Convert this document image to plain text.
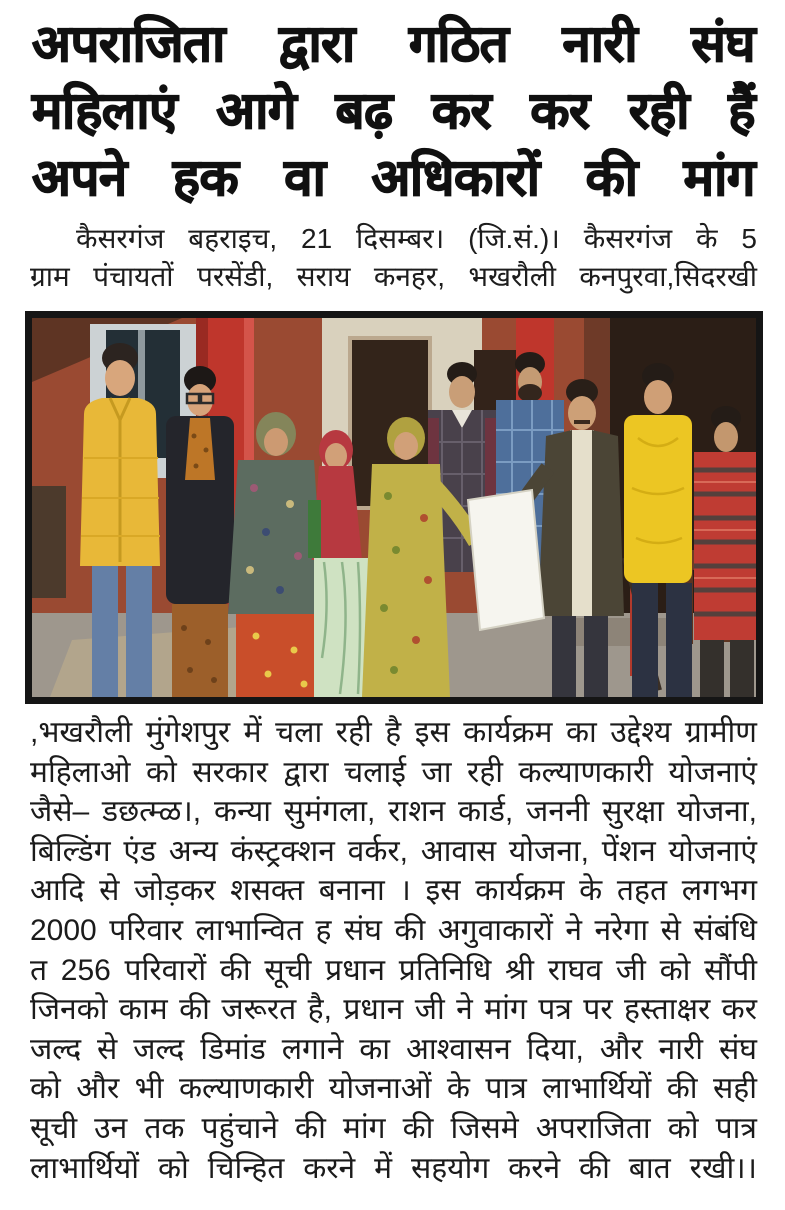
अपराजिता द्वारा गठित नारी संघ
महिलाएं आगे बढ़ कर कर रही हैं
अपने हक वा अधिकारों की मांग

कैसरगंज बहराइच, 21 दिसम्बर। (जि.सं.)। कैसरगंज के 5
ग्राम पंचायतों परसेंडी, सराय कनहर, भखरौली कनपुरवा,सिदरखी

,भखरौली मुंगेशपुर में चला रही है इस कार्यक्रम का उद्देश्य ग्रामीण
महिलाओ को सरकार द्वारा चलाई जा रही कल्याणकारी योजनाएं
जैसे– डछत्म्ळ।, कन्या सुमंगला, राशन कार्ड, जननी सुरक्षा योजना,
बिल्डिंग एंड अन्य कंस्ट्रक्शन वर्कर, आवास योजना, पेंशन योजनाएं
आदि से जोड़कर शसक्त बनाना । इस कार्यक्रम के तहत लगभग
2000 परिवार लाभान्वित ह संघ की अगुवाकारों ने नरेगा से संबंधि
त 256 परिवारों की सूची प्रधान प्रतिनिधि श्री राघव जी को सौंपी
जिनको काम की जरूरत है, प्रधान जी ने मांग पत्र पर हस्ताक्षर कर
जल्द से जल्द डिमांड लगाने का आश्वासन दिया, और नारी संघ
को और भी कल्याणकारी योजनाओं के पात्र लाभार्थियों की सही
सूची उन तक पहुंचाने की मांग की जिसमे अपराजिता को पात्र
लाभार्थियों को चिन्हित करने में सहयोग करने की बात रखी।।
